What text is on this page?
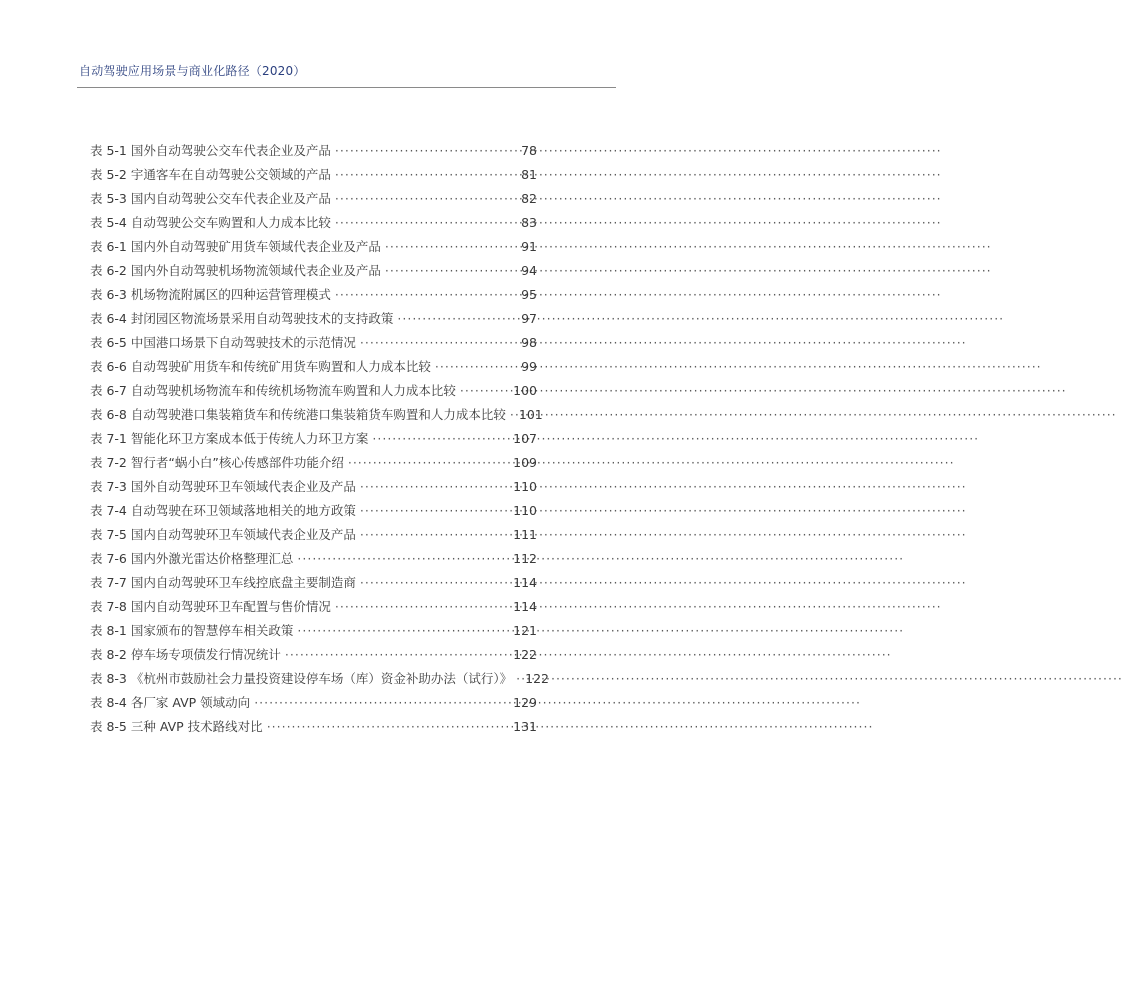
自动驾驶应用场景与商业化路径（2020）
表 5-1 国外自动驾驶公交车代表企业及产品 ·····	78
表 5-2 宇通客车在自动驾驶公交领域的产品 ·····	81
表 5-3 国内自动驾驶公交车代表企业及产品 ·····	82
表 5-4 自动驾驶公交车购置和人力成本比较 ·····	83
表 6-1 国内外自动驾驶矿用货车领域代表企业及产品 ·····	91
表 6-2 国内外自动驾驶机场物流领域代表企业及产品 ·····	94
表 6-3 机场物流附属区的四种运营管理模式 ·····	95
表 6-4 封闭园区物流场景采用自动驾驶技术的支持政策 ·····	97
表 6-5 中国港口场景下自动驾驶技术的示范情况 ·····	98
表 6-6 自动驾驶矿用货车和传统矿用货车购置和人力成本比较 ·····	99
表 6-7 自动驾驶机场物流车和传统机场物流车购置和人力成本比较 ·····	100
表 6-8 自动驾驶港口集装箱货车和传统港口集装箱货车购置和人力成本比较 ····· 101
表 7-1 智能化环卫方案成本低于传统人力环卫方案 ·····	107
表 7-2 智行者“蜗小白”核心传感部件功能介绍 ·····	109
表 7-3 国外自动驾驶环卫车领域代表企业及产品 ·····	110
表 7-4 自动驾驶在环卫领域落地相关的地方政策 ·····	110
表 7-5 国内自动驾驶环卫车领域代表企业及产品 ·····	111
表 7-6 国内外激光雷达价格整理汇总 ·····	112
表 7-7 国内自动驾驶环卫车线控底盘主要制造商 ·····	114
表 7-8 国内自动驾驶环卫车配置与售价情况 ·····	114
表 8-1 国家颁布的智慧停车相关政策 ·····	121
表 8-2 停车场专项债发行情况统计 ·····	122
表 8-3 《杭州市鼓励社会力量投资建设停车场（库）资金补助办法（试行）》 ····· 122
表 8-4 各厂家 AVP 领域动向 ·····	129
表 8-5 三种 AVP 技术路线对比 ·····	131
